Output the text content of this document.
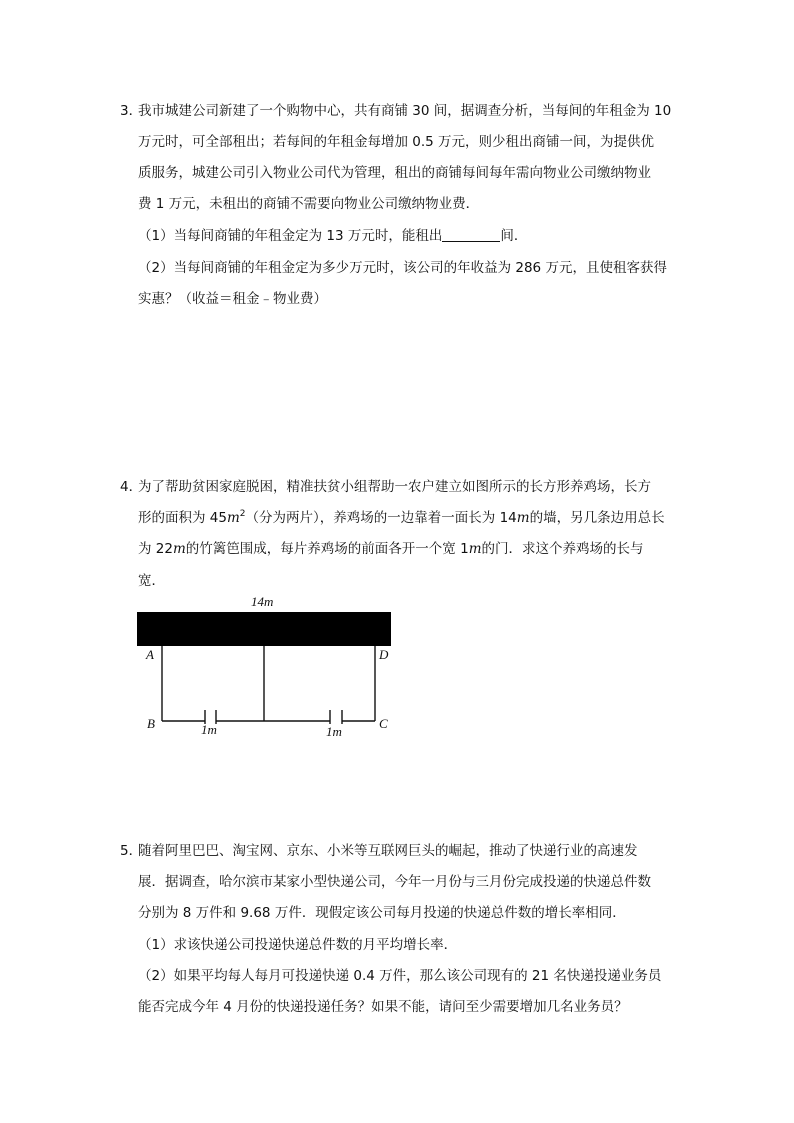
3．
我市城建公司新建了一个购物中心，共有商铺 30 间，据调查分析，当每间的年租金为 10
万元时，可全部租出；若每间的年租金每增加 0.5 万元，则少租出商铺一间，为提供优
质服务，城建公司引入物业公司代为管理，租出的商铺每间每年需向物业公司缴纳物业
费 1 万元，未租出的商铺不需要向物业公司缴纳物业费．
（1）当每间商铺的年租金定为 13 万元时，能租出	间．
（2）当每间商铺的年租金定为多少万元时，该公司的年收益为 286 万元，且使租客获得
实惠？（收益＝租金﹣物业费）
4．
为了帮助贫困家庭脱困，精准扶贫小组帮助一农户建立如图所示的长方形养鸡场，长方
形的面积为 $45m^2$（分为两片），养鸡场的一边靠着一面长为 14m的墙，另几条边用总长
为 22m的竹篱笆围成，每片养鸡场的前面各开一个宽 1m的门．求这个养鸡场的长与
宽．
14m
A	D
B	C
1m	1m
5．
随着阿里巴巴、淘宝网、京东、小米等互联网巨头的崛起，推动了快递行业的高速发
展．据调查，哈尔滨市某家小型快递公司，今年一月份与三月份完成投递的快递总件数
分别为 8 万件和 9.68 万件．现假定该公司每月投递的快递总件数的增长率相同．
（1）求该快递公司投递快递总件数的月平均增长率．
（2）如果平均每人每月可投递快递 0.4 万件，那么该公司现有的 21 名快递投递业务员
能否完成今年 4 月份的快递投递任务？如果不能，请问至少需要增加几名业务员？
